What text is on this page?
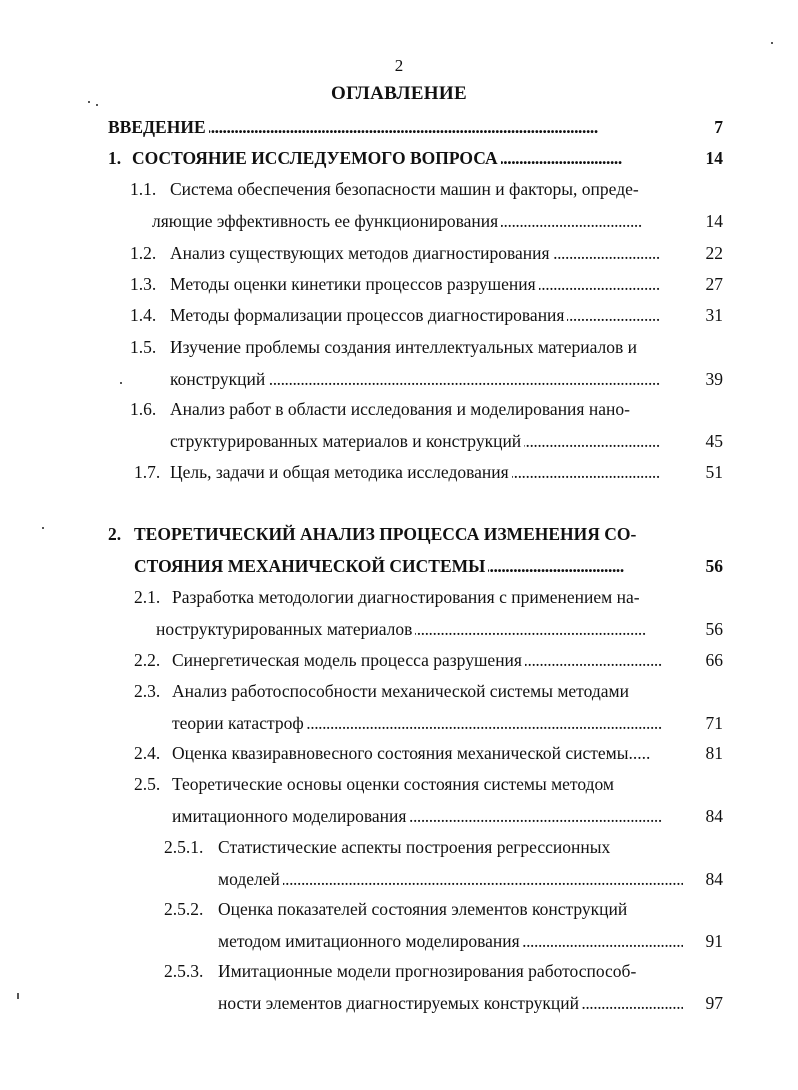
2
ОГЛАВЛЕНИЕ
ВВЕДЕНИЕ . . .	7
1. СОСТОЯНИЕ ИССЛЕДУЕМОГО ВОПРОСА . . .	14
1.1. Система обеспечения безопасности машин и факторы, опреде-
ляющие эффективность ее функционирования . . .	14
1.2. Анализ существующих методов диагностирования . . .	22
1.3. Методы оценки кинетики процессов разрушения . . .	27
1.4. Методы формализации процессов диагностирования . . .	31
1.5. Изучение проблемы создания интеллектуальных материалов и
конструкций . . .	39
1.6. Анализ работ в области исследования и моделирования нано-
структурированных материалов и конструкций . . .	45
1.7. Цель, задачи и общая методика исследования . . .	51
2. ТЕОРЕТИЧЕСКИЙ АНАЛИЗ ПРОЦЕССА ИЗМЕНЕНИЯ СО-
СТОЯНИЯ МЕХАНИЧЕСКОЙ СИСТЕМЫ . . .	56
2.1. Разработка методологии диагностирования с применением на-
ноструктурированных материалов . . .	56
2.2. Синергетическая модель процесса разрушения . . .	66
2.3. Анализ работоспособности механической системы методами
теории катастроф . . .	71
2.4. Оценка квазиравновесного состояния механической системы.....	81
2.5. Теоретические основы оценки состояния системы методом
имитационного моделирования . . .	84
2.5.1. Статистические аспекты построения регрессионных
моделей . . .	84
2.5.2. Оценка показателей состояния элементов конструкций
методом имитационного моделирования . . .	91
2.5.3. Имитационные модели прогнозирования работоспособ-
ности элементов диагностируемых конструкций . . .	97
